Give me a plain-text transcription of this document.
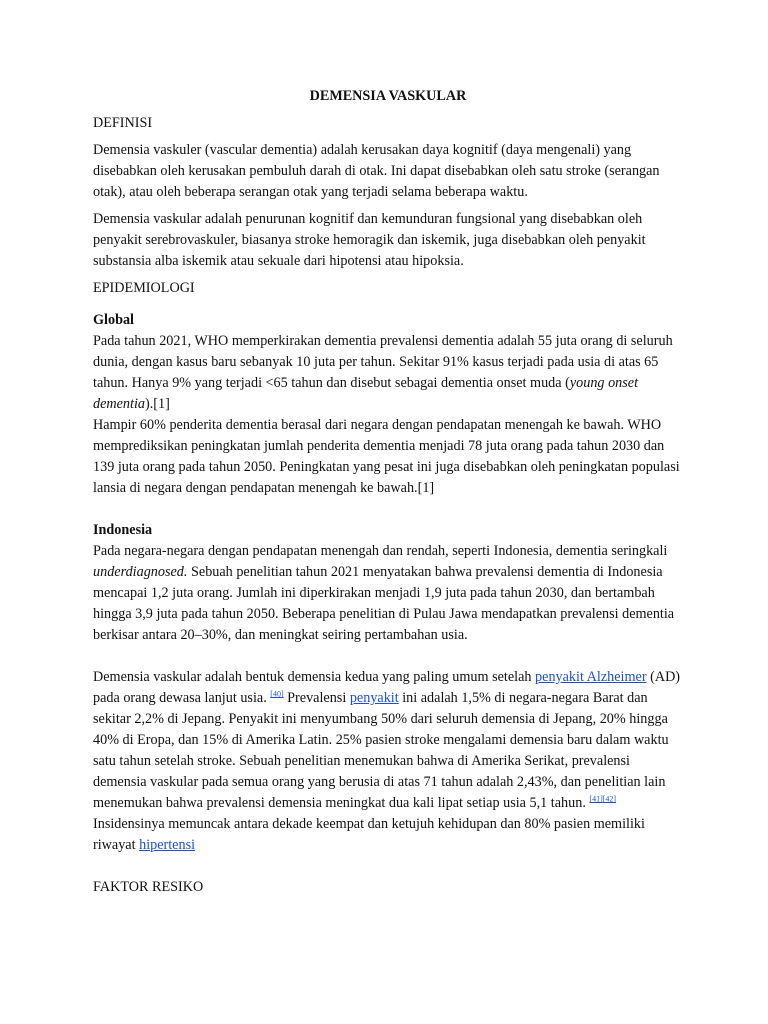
DEMENSIA VASKULAR
DEFINISI
Demensia vaskuler (vascular dementia) adalah kerusakan daya kognitif (daya mengenali) yang disebabkan oleh kerusakan pembuluh darah di otak. Ini dapat disebabkan oleh satu stroke (serangan otak), atau oleh beberapa serangan otak yang terjadi selama beberapa waktu.
Demensia vaskular adalah penurunan kognitif dan kemunduran fungsional yang disebabkan oleh penyakit serebrovaskuler, biasanya stroke hemoragik dan iskemik, juga disebabkan oleh penyakit substansia alba iskemik atau sekuale dari hipotensi atau hipoksia.
EPIDEMIOLOGI
Global
Pada tahun 2021, WHO memperkirakan dementia prevalensi dementia adalah 55 juta orang di seluruh dunia, dengan kasus baru sebanyak 10 juta per tahun. Sekitar 91% kasus terjadi pada usia di atas 65 tahun. Hanya 9% yang terjadi <65 tahun dan disebut sebagai dementia onset muda (young onset dementia).[1]
Hampir 60% penderita dementia berasal dari negara dengan pendapatan menengah ke bawah. WHO memprediksikan peningkatan jumlah penderita dementia menjadi 78 juta orang pada tahun 2030 dan 139 juta orang pada tahun 2050. Peningkatan yang pesat ini juga disebabkan oleh peningkatan populasi lansia di negara dengan pendapatan menengah ke bawah.[1]
Indonesia
Pada negara-negara dengan pendapatan menengah dan rendah, seperti Indonesia, dementia seringkali underdiagnosed. Sebuah penelitian tahun 2021 menyatakan bahwa prevalensi dementia di Indonesia mencapai 1,2 juta orang. Jumlah ini diperkirakan menjadi 1,9 juta pada tahun 2030, dan bertambah hingga 3,9 juta pada tahun 2050. Beberapa penelitian di Pulau Jawa mendapatkan prevalensi dementia berkisar antara 20–30%, dan meningkat seiring pertambahan usia.
Demensia vaskular adalah bentuk demensia kedua yang paling umum setelah penyakit Alzheimer (AD) pada orang dewasa lanjut usia. [40] Prevalensi penyakit ini adalah 1,5% di negara-negara Barat dan sekitar 2,2% di Jepang. Penyakit ini menyumbang 50% dari seluruh demensia di Jepang, 20% hingga 40% di Eropa, dan 15% di Amerika Latin. 25% pasien stroke mengalami demensia baru dalam waktu satu tahun setelah stroke. Sebuah penelitian menemukan bahwa di Amerika Serikat, prevalensi demensia vaskular pada semua orang yang berusia di atas 71 tahun adalah 2,43%, dan penelitian lain menemukan bahwa prevalensi demensia meningkat dua kali lipat setiap usia 5,1 tahun. [41][42] Insidensinya memuncak antara dekade keempat dan ketujuh kehidupan dan 80% pasien memiliki riwayat hipertensi
FAKTOR RESIKO
